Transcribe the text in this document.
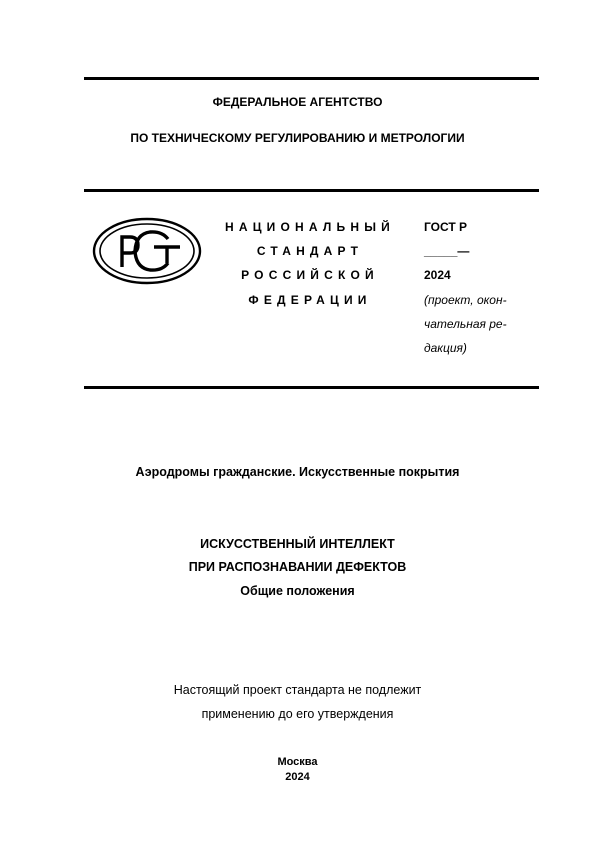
ФЕДЕРАЛЬНОЕ АГЕНТСТВО
ПО ТЕХНИЧЕСКОМУ РЕГУЛИРОВАНИЮ И МЕТРОЛОГИИ
НАЦИОНАЛЬНЫЙ
СТАНДАРТ
РОССИЙСКОЙ
ФЕДЕРАЦИИ
ГОСТ Р
_____—
2024
(проект, окон-
чательная ре-
дакция)
Аэродромы гражданские. Искусственные покрытия
ИСКУССТВЕННЫЙ ИНТЕЛЛЕКТ
ПРИ РАСПОЗНАВАНИИ ДЕФЕКТОВ
Общие положения
Настоящий проект стандарта не подлежит
применению до его утверждения
Москва
2024
